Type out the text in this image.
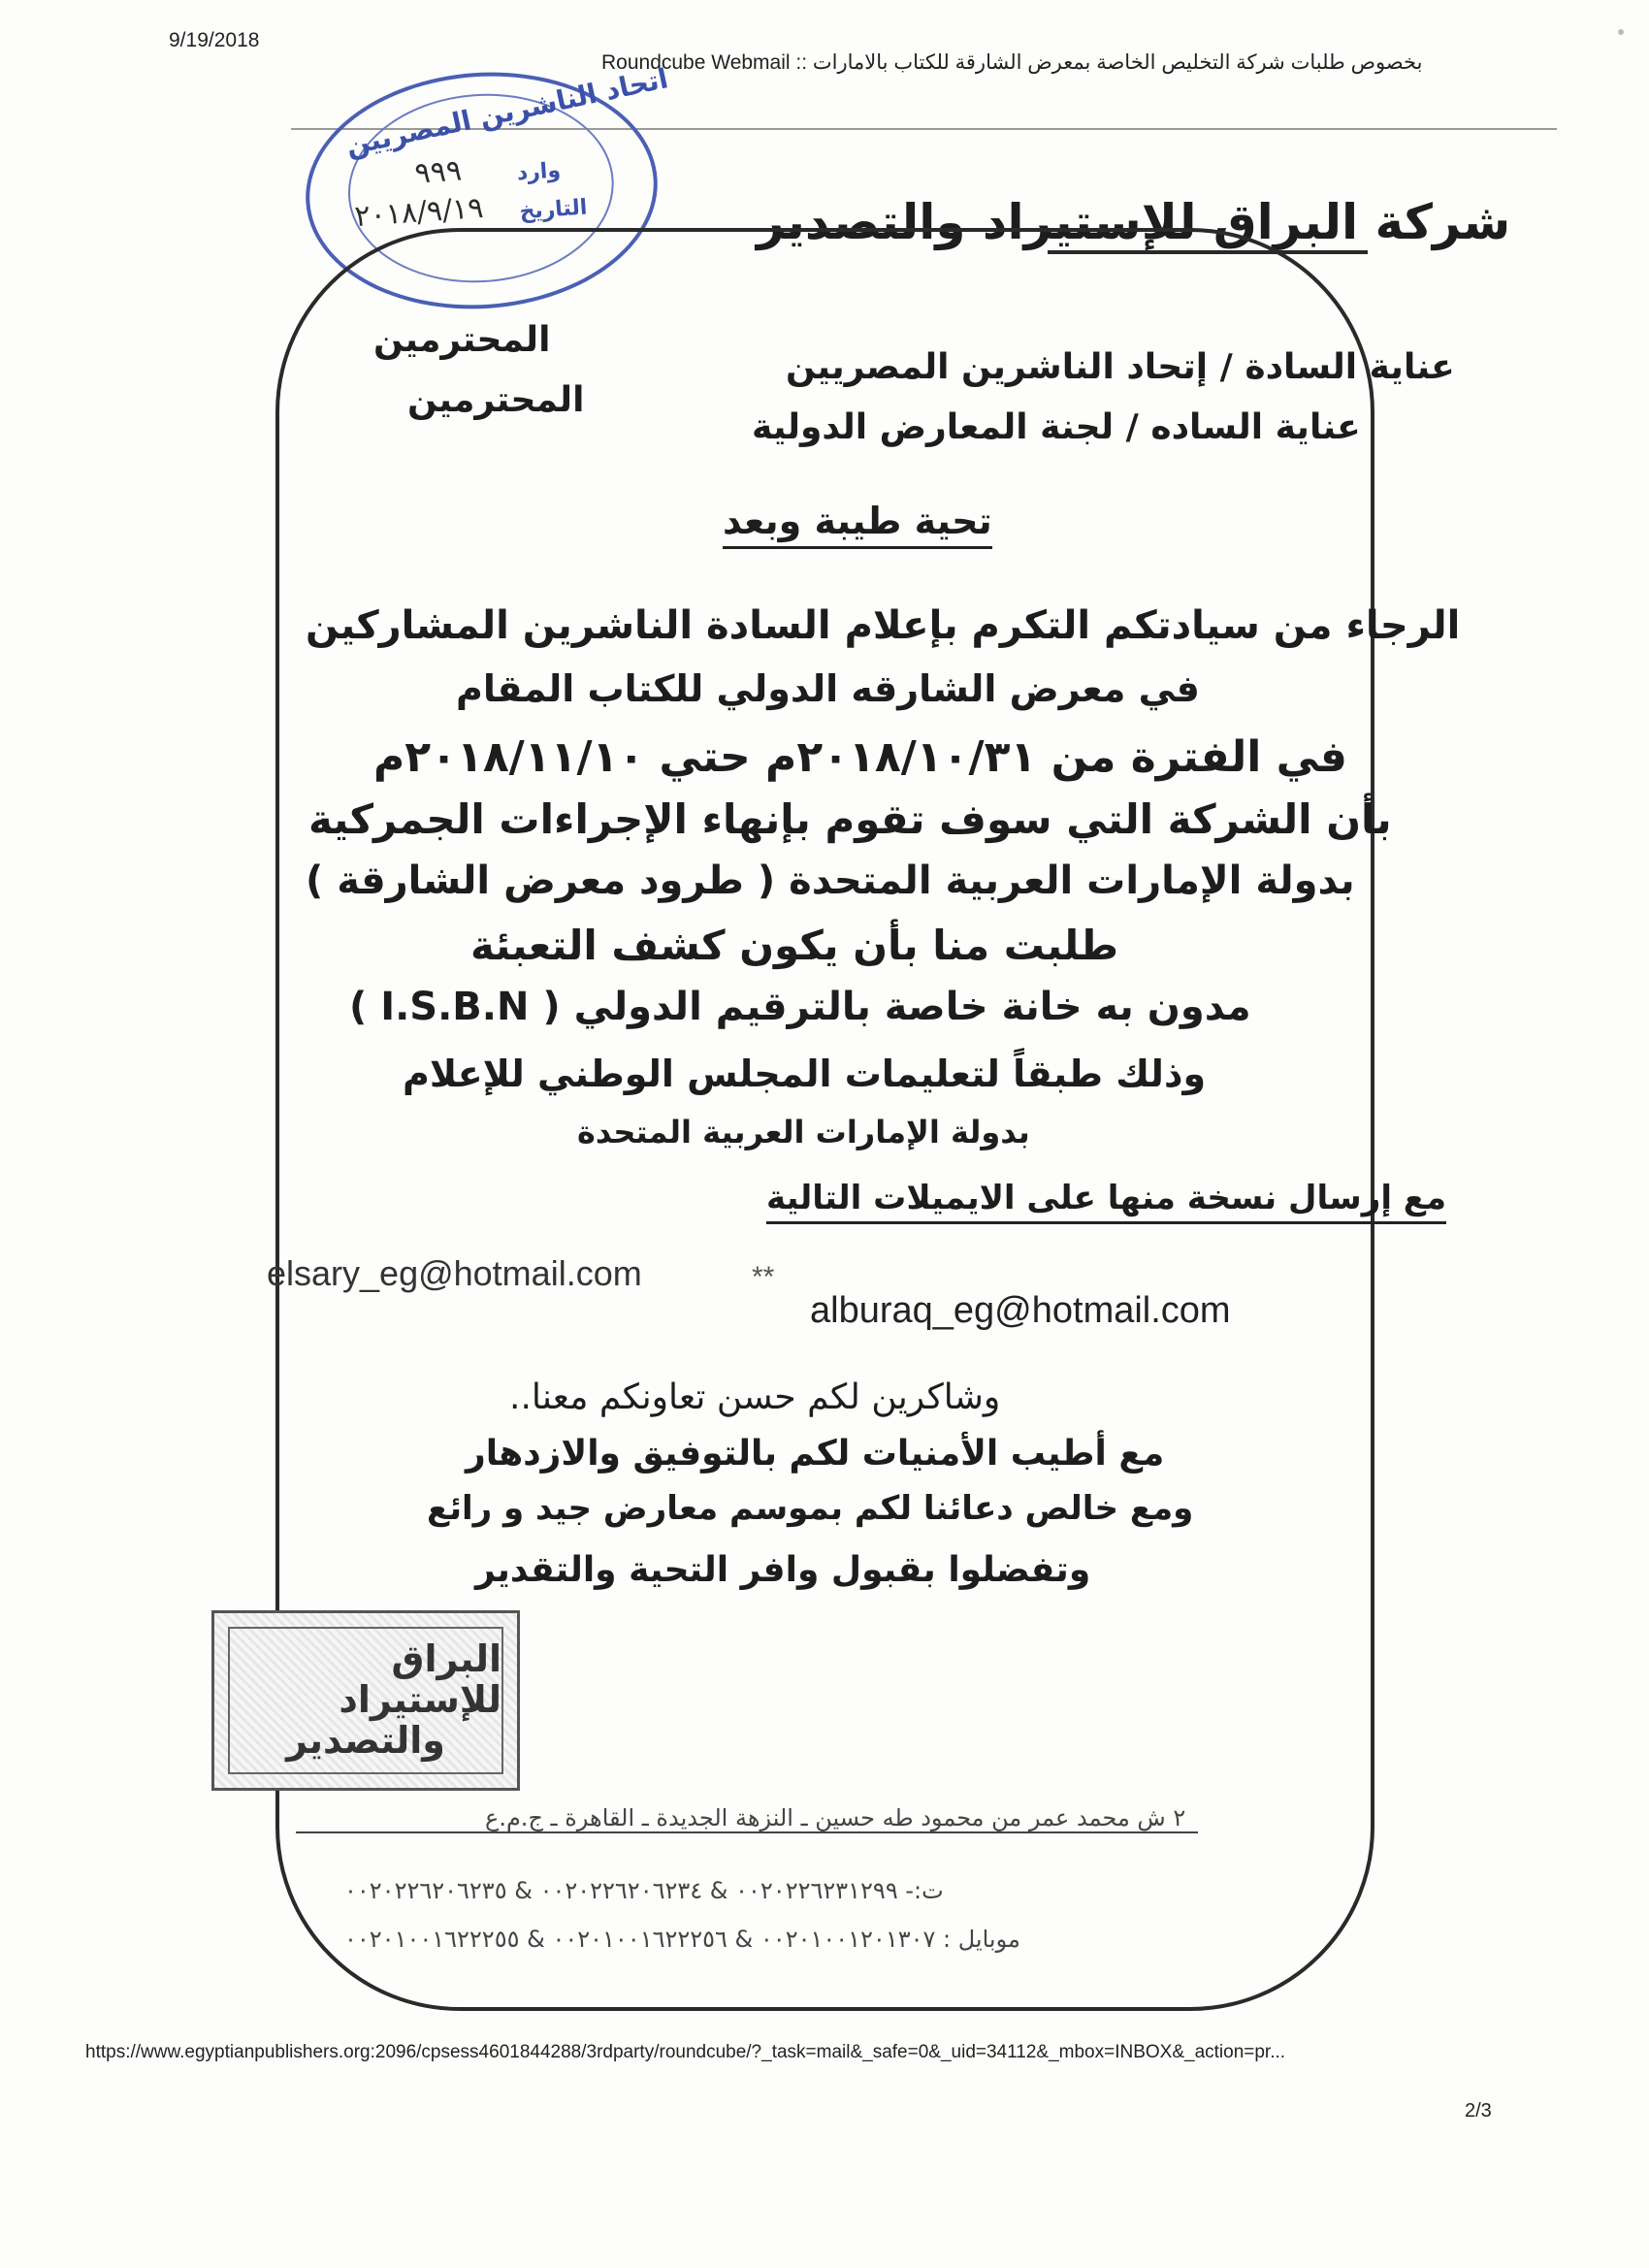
9/19/2018
Roundcube Webmail :: بخصوص طلبات شركة التخليص الخاصة بمعرض الشارقة للكتاب بالامارات
اتحاد الناشرين المصريين
وارد
٩٩٩
التاريخ
٢٠١٨/٩/١٩	شركة البراق للإستيراد والتصدير
عناية السادة / إتحاد الناشرين المصريين
المحترمين
عناية الساده / لجنة المعارض الدولية
المحترمين
تحية طيبة وبعد
الرجاء من سيادتكم التكرم بإعلام السادة الناشرين المشاركين
في معرض الشارقه الدولي للكتاب المقام
في الفترة من ٢٠١٨/١٠/٣١م حتي ٢٠١٨/١١/١٠م
بأن الشركة التي سوف تقوم بإنهاء الإجراءات الجمركية
بدولة الإمارات العربية المتحدة ( طرود معرض الشارقة )
طلبت منا بأن يكون كشف التعبئة
مدون به خانة خاصة بالترقيم الدولي ( I.S.B.N )
وذلك طبقاً لتعليمات المجلس الوطني للإعلام
بدولة الإمارات العربية المتحدة
مع إرسال نسخة منها على الايميلات التالية
elsary_eg@hotmail.com	**
alburaq_eg@hotmail.com
وشاكرين لكم حسن تعاونكم معنا..
مع أطيب الأمنيات لكم بالتوفيق والازدهار
ومع خالص دعائنا لكم بموسم معارض جيد و رائع
وتفضلوا بقبول وافر التحية والتقدير
البراق للإستيراد
والتصدير
٢ ش محمد عمر من محمود طه حسين ـ النزهة الجديدة ـ القاهرة ـ ج.م.ع
ت:- ٠٠٢٠٢٢٦٢٣١٢٩٩ & ٠٠٢٠٢٢٦٢٠٦٢٣٤ & ٠٠٢٠٢٢٦٢٠٦٢٣٥
موبايل : ٠٠٢٠١٠٠١٢٠١٣٠٧ & ٠٠٢٠١٠٠١٦٢٢٢٥٦ & ٠٠٢٠١٠٠١٦٢٢٢٥٥
https://www.egyptianpublishers.org:2096/cpsess4601844288/3rdparty/roundcube/?_task=mail&_safe=0&_uid=34112&_mbox=INBOX&_action=pr...
2/3
